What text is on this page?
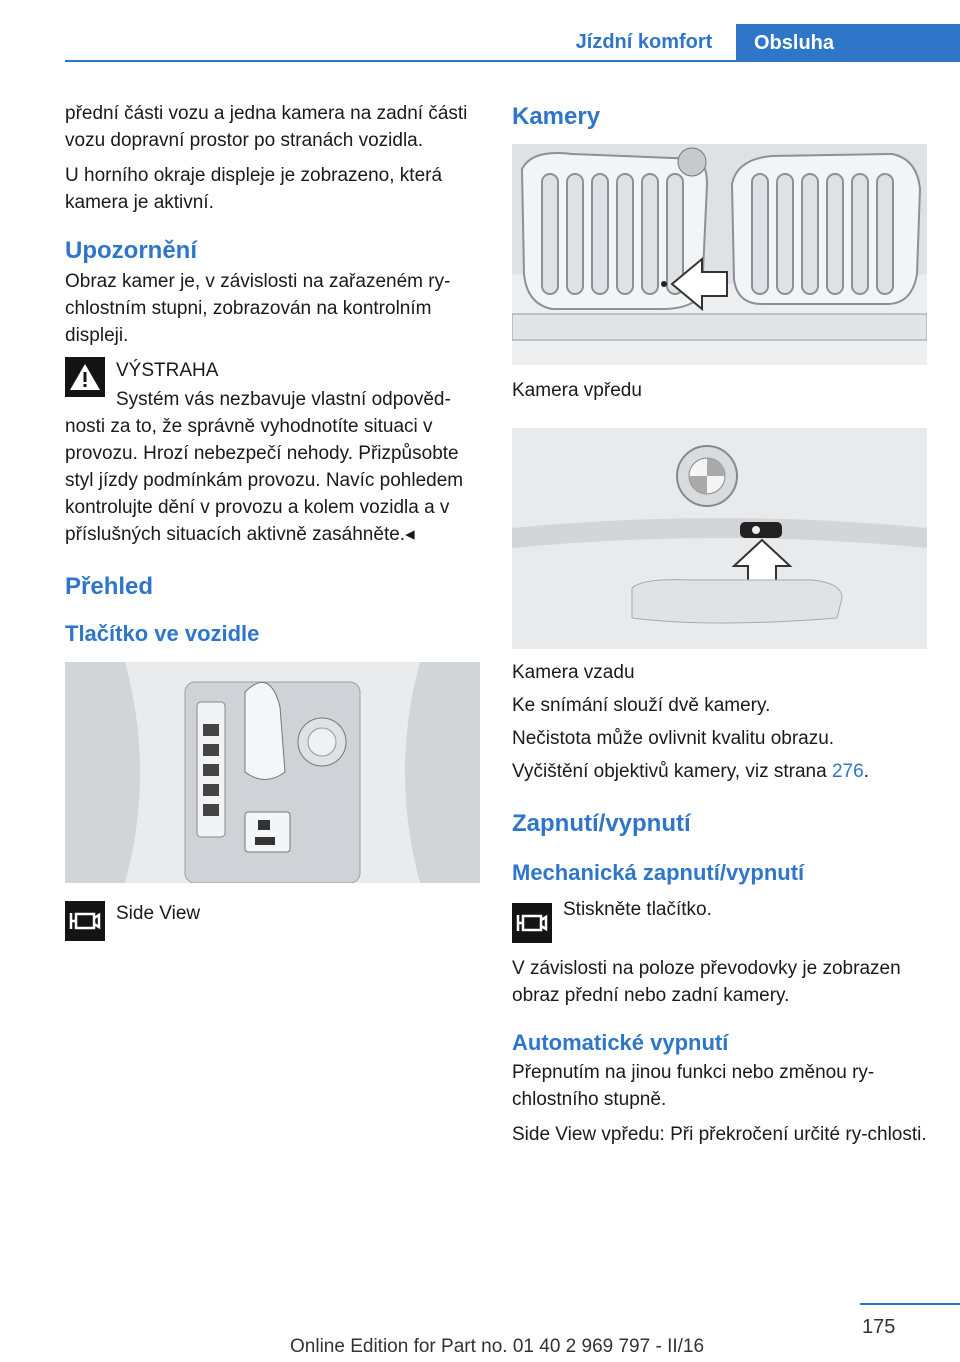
Jízdní komfort	Obsluha

přední části vozu a jedna kamera na zadní části vozu dopravní prostor po stranách vozidla.

U horního okraje displeje je zobrazeno, která kamera je aktivní.

Upozornění

Obraz kamer je, v závislosti na zařazeném ry‐chlostním stupni, zobrazován na kontrolním displeji.

VÝSTRAHA

Systém vás nezbavuje vlastní odpověd‐nosti za to, že správně vyhodnotíte situaci v provozu. Hrozí nebezpečí nehody. Přizpůsobte styl jízdy podmínkám provozu. Navíc pohledem kontrolujte dění v provozu a kolem vozidla a v příslušných situacích aktivně zasáhněte.◂

Přehled
Tlačítko ve vozidle

Side View

Kamery

Kamera vpředu

Kamera vzadu

Ke snímání slouží dvě kamery.

Nečistota může ovlivnit kvalitu obrazu.

Vyčištění objektivů kamery, viz strana 276.

Zapnutí/vypnutí
Mechanická zapnutí/vypnutí

Stiskněte tlačítko.

V závislosti na poloze převodovky je zobrazen obraz přední nebo zadní kamery.

Automatické vypnutí

Přepnutím na jinou funkci nebo změnou ry‐chlostního stupně.

Side View vpředu: Při překročení určité ry‐chlosti.

175
Online Edition for Part no. 01 40 2 969 797 - II/16
